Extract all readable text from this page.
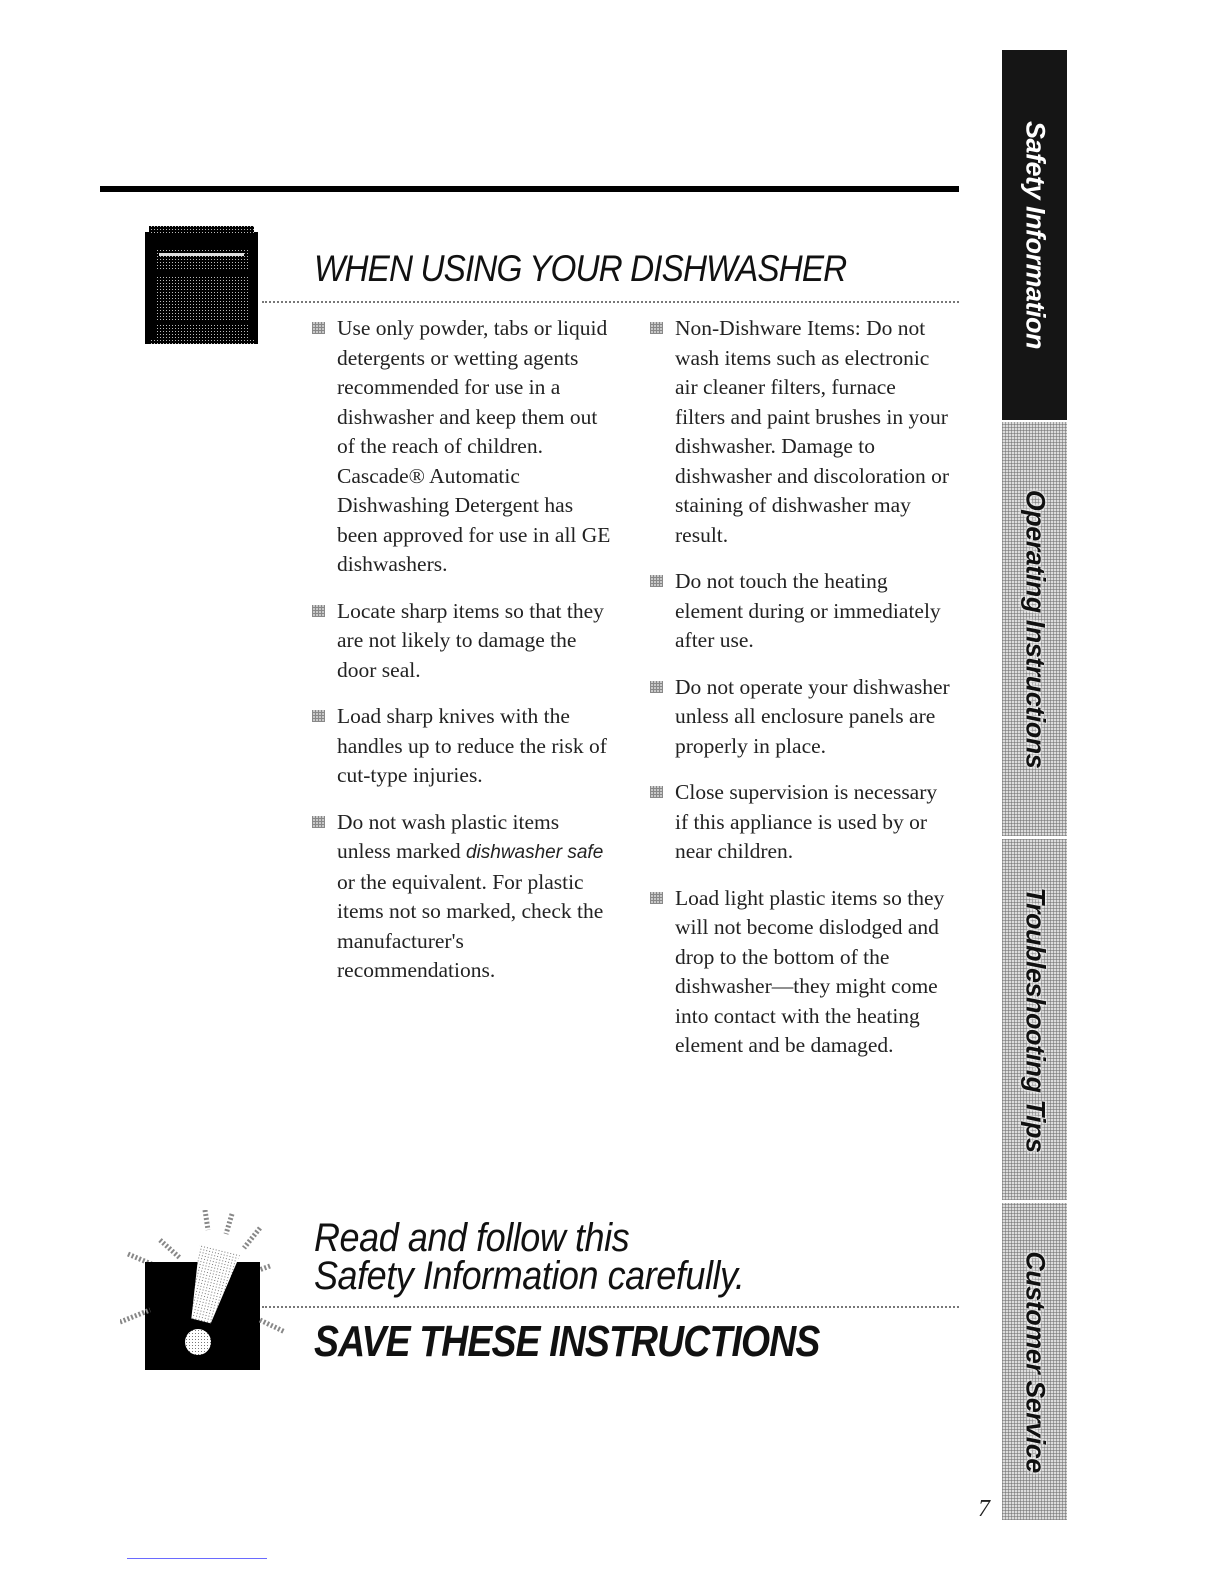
WHEN USING YOUR DISHWASHER

Use only powder, tabs or liquid detergents or wetting agents recommended for use in a dishwasher and keep them out of the reach of children. Cascade® Automatic Dishwashing Detergent has been approved for use in all GE dishwashers.

Locate sharp items so that they are not likely to damage the door seal.

Load sharp knives with the handles up to reduce the risk of cut-type injuries.

Do not wash plastic items unless marked dishwasher safe or the equivalent. For plastic items not so marked, check the manufacturer's recommendations.

Non-Dishware Items: Do not wash items such as electronic air cleaner filters, furnace filters and paint brushes in your dishwasher. Damage to dishwasher and discoloration or staining of dishwasher may result.

Do not touch the heating element during or immediately after use.

Do not operate your dishwasher unless all enclosure panels are properly in place.

Close supervision is necessary if this appliance is used by or near children.

Load light plastic items so they will not become dislodged and drop to the bottom of the dishwasher—they might come into contact with the heating element and be damaged.

Read and follow this

Safety Information carefully.

SAVE THESE INSTRUCTIONS
Safety Information
Operating Instructions
Troubleshooting Tips
Customer Service

7
